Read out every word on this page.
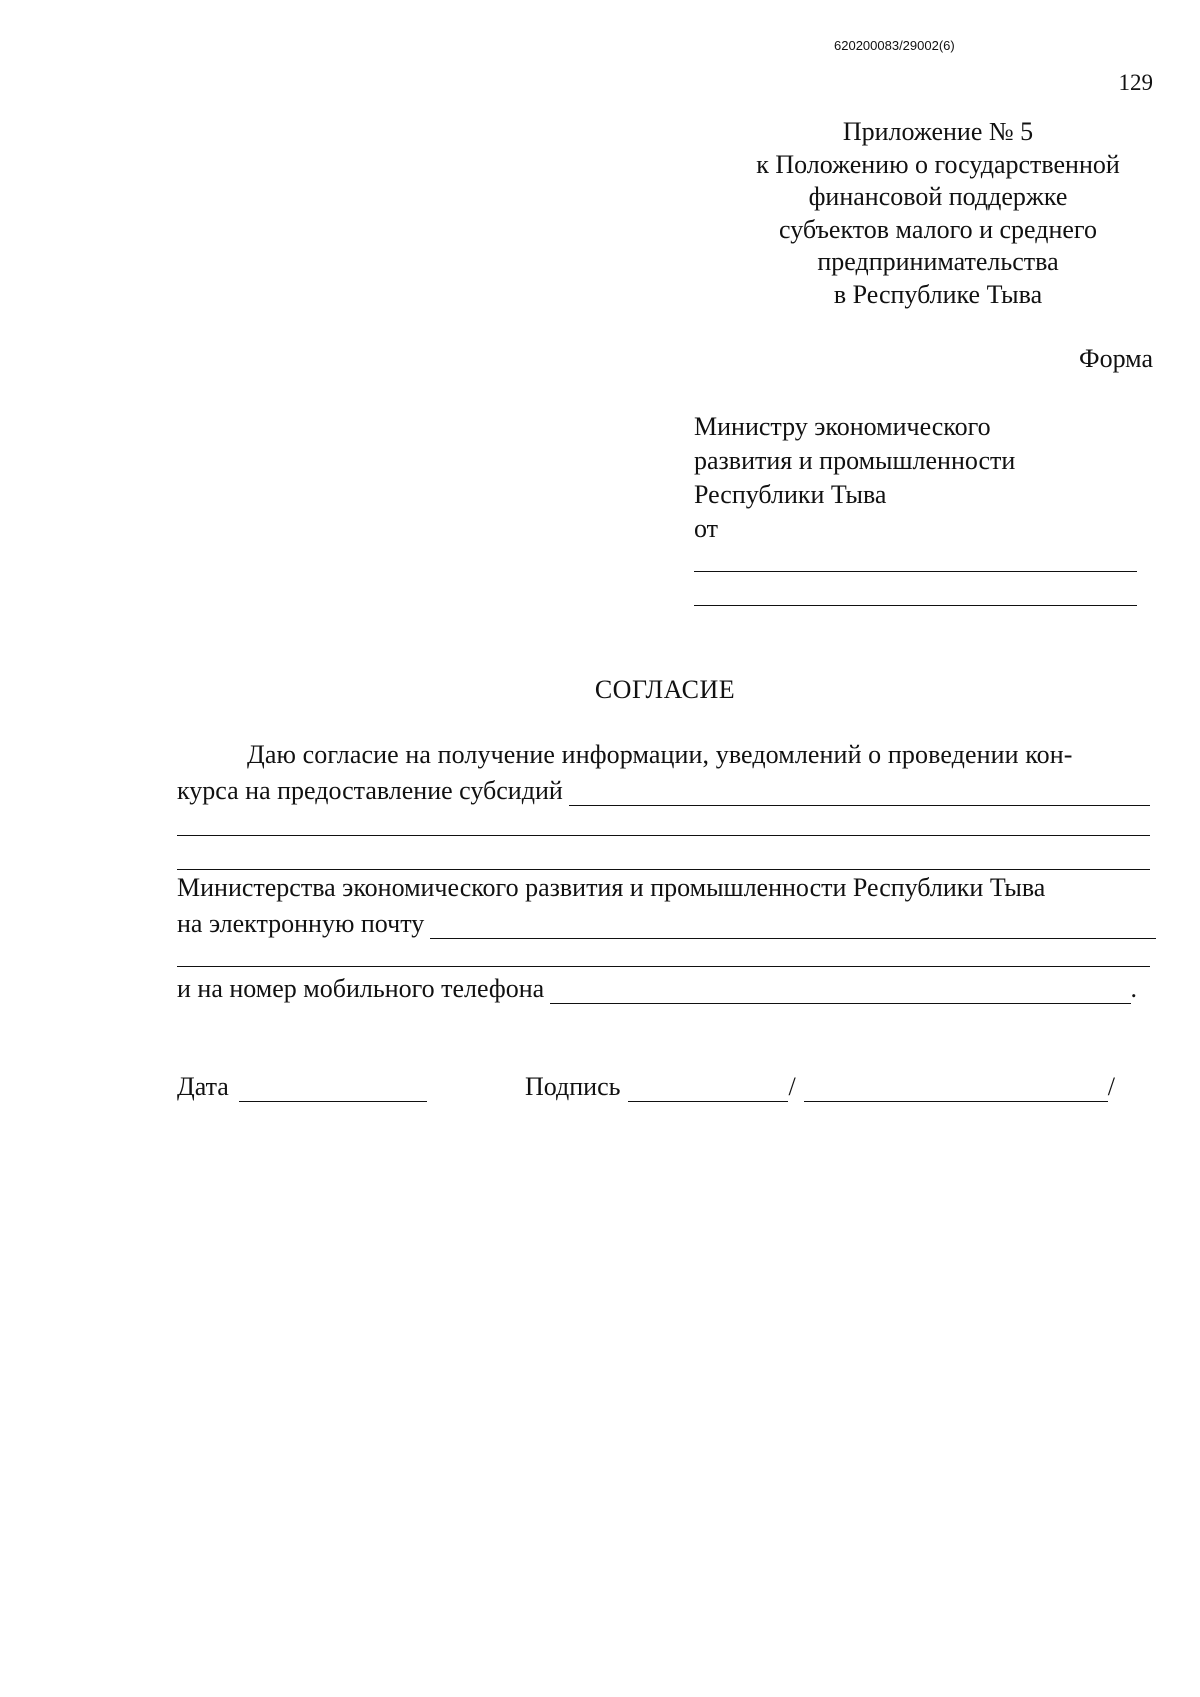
620200083/29002(6)
129
Приложение № 5
к Положению о государственной
финансовой поддержке
субъектов малого и среднего
предпринимательства
в Республике Тыва
Форма
Министру экономического
развития и промышленности
Республики Тыва
от
СОГЛАСИЕ
Даю согласие на получение информации, уведомлений о проведении кон-
курса на предоставление субсидий
Министерства экономического развития и промышленности Республики Тыва
на электронную почту
и на номер мобильного телефона	.
Дата	Подпись	/	/
